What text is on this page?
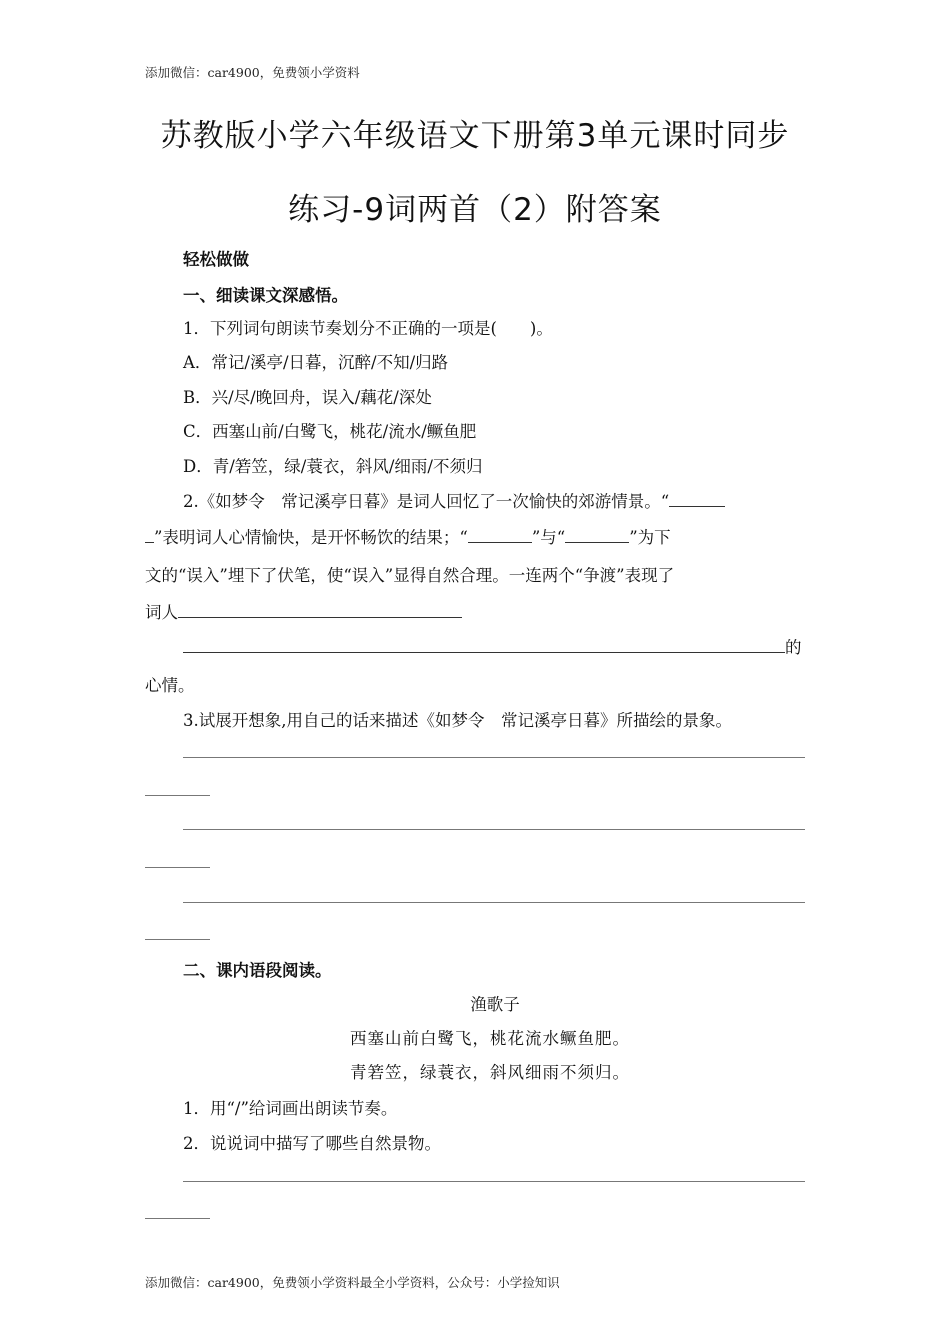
添加微信：car4900，免费领小学资料
苏教版小学六年级语文下册第3单元课时同步
练习-9词两首（2）附答案
轻松做做
一、细读课文深感悟。
1．下列词句朗读节奏划分不正确的一项是(　　)。
A．常记/溪亭/日暮，沉醉/不知/归路
B．兴/尽/晚回舟，误入/藕花/深处
C．西塞山前/白鹭飞，桃花/流水/鳜鱼肥
D．青/箬笠，绿/蓑衣，斜风/细雨/不须归
2.《如梦令　常记溪亭日暮》是词人回忆了一次愉快的郊游情景。“
”表明词人心情愉快，是开怀畅饮的结果；“	”与“	”为下
文的“误入”埋下了伏笔，使“误入”显得自然合理。一连两个“争渡”表现了
词人
的
心情。
3.试展开想象,用自己的话来描述《如梦令　常记溪亭日暮》所描绘的景象。
二、课内语段阅读。
渔歌子
西塞山前白鹭飞，桃花流水鳜鱼肥。
青箬笠，绿蓑衣，斜风细雨不须归。
1．用“/”给词画出朗读节奏。
2．说说词中描写了哪些自然景物。
添加微信：car4900，免费领小学资料最全小学资料，公众号：小学捡知识
